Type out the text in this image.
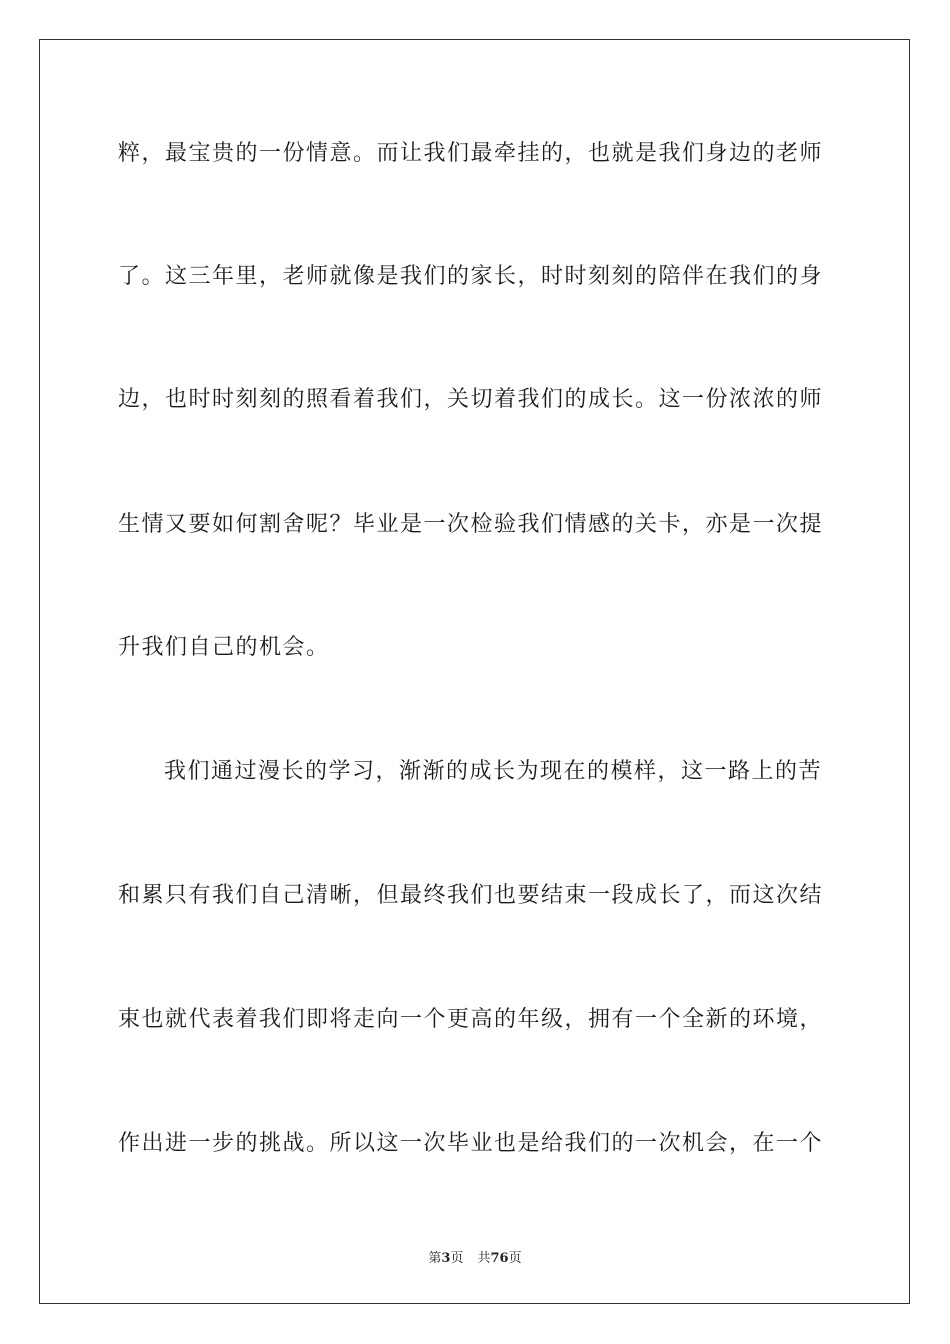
粹，最宝贵的一份情意。而让我们最牵挂的，也就是我们身边的老师
了。这三年里，老师就像是我们的家长，时时刻刻的陪伴在我们的身
边，也时时刻刻的照看着我们，关切着我们的成长。这一份浓浓的师
生情又要如何割舍呢？毕业是一次检验我们情感的关卡，亦是一次提
升我们自己的机会。
我们通过漫长的学习，渐渐的成长为现在的模样，这一路上的苦
和累只有我们自己清晰，但最终我们也要结束一段成长了，而这次结
束也就代表着我们即将走向一个更高的年级，拥有一个全新的环境，
作出进一步的挑战。所以这一次毕业也是给我们的一次机会，在一个
第3页 共76页
